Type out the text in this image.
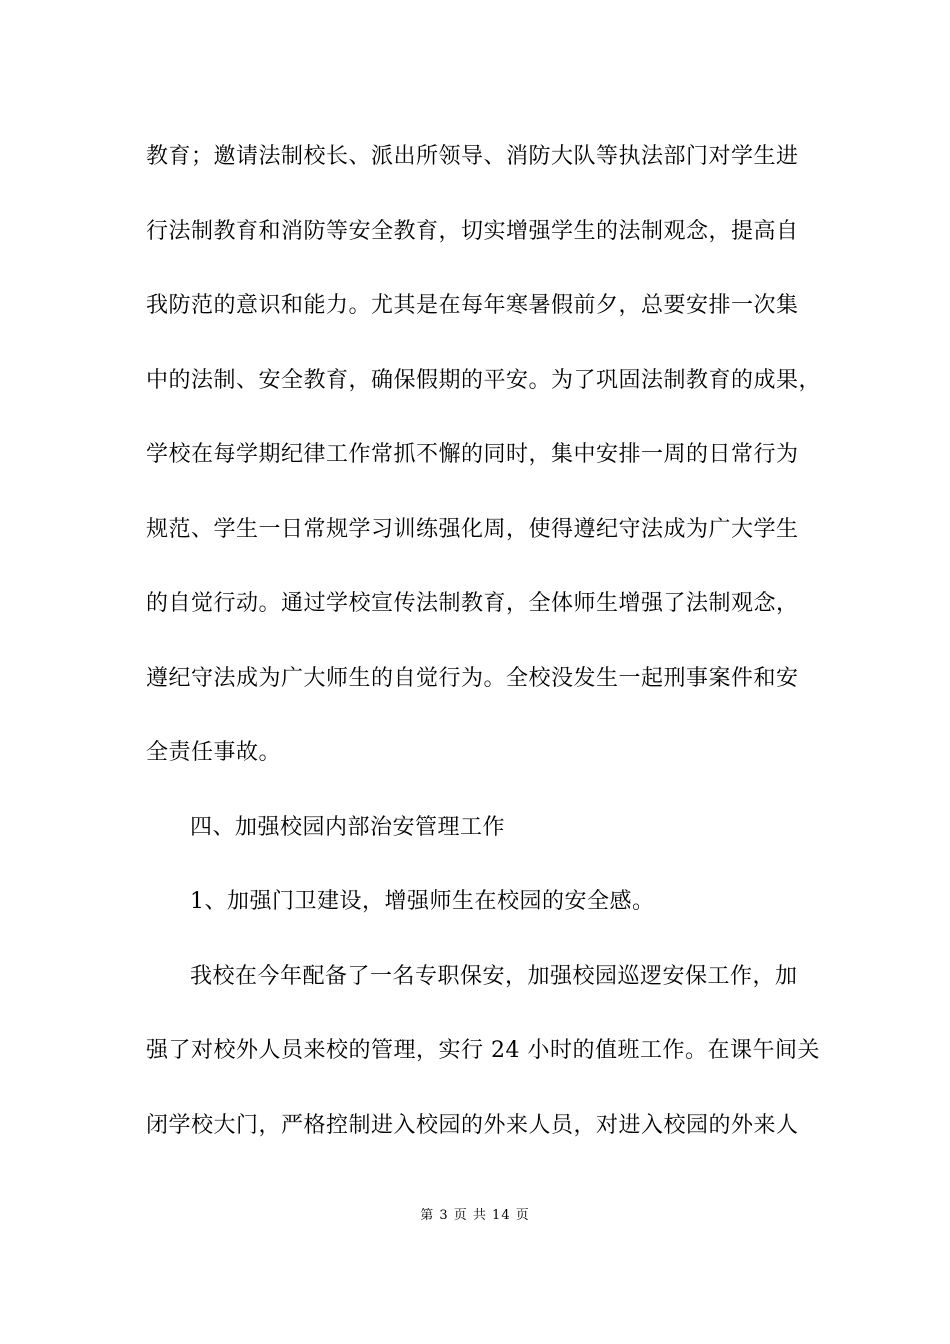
教育；邀请法制校长、派出所领导、消防大队等执法部门对学生进
行法制教育和消防等安全教育，切实增强学生的法制观念，提高自
我防范的意识和能力。尤其是在每年寒暑假前夕，总要安排一次集
中的法制、安全教育，确保假期的平安。为了巩固法制教育的成果，
学校在每学期纪律工作常抓不懈的同时，集中安排一周的日常行为
规范、学生一日常规学习训练强化周，使得遵纪守法成为广大学生
的自觉行动。通过学校宣传法制教育，全体师生增强了法制观念，
遵纪守法成为广大师生的自觉行为。全校没发生一起刑事案件和安
全责任事故。
四、加强校园内部治安管理工作
1、加强门卫建设，增强师生在校园的安全感。
我校在今年配备了一名专职保安，加强校园巡逻安保工作，加
强了对校外人员来校的管理，实行 24 小时的值班工作。在课午间关
闭学校大门，严格控制进入校园的外来人员，对进入校园的外来人
第 3 页 共 14 页
